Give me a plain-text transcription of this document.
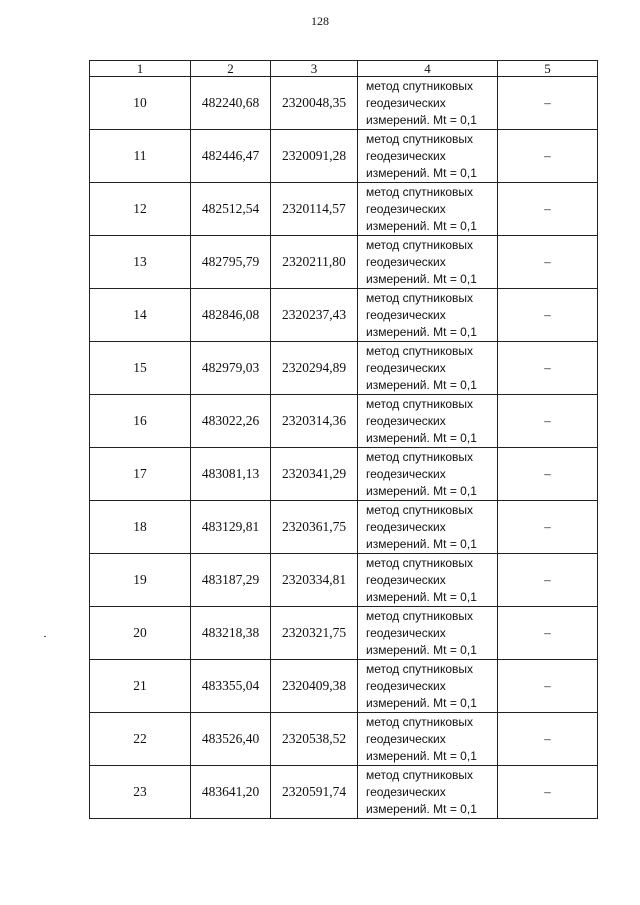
128
1	2	3	4	5
10	482240,68	2320048,35	метод спутниковых геодезических измерений. Mt = 0,1	–
11	482446,47	2320091,28	метод спутниковых геодезических измерений. Mt = 0,1	–
12	482512,54	2320114,57	метод спутниковых геодезических измерений. Mt = 0,1	–
13	482795,79	2320211,80	метод спутниковых геодезических измерений. Mt = 0,1	–
14	482846,08	2320237,43	метод спутниковых геодезических измерений. Mt = 0,1	–
15	482979,03	2320294,89	метод спутниковых геодезических измерений. Mt = 0,1	–
16	483022,26	2320314,36	метод спутниковых геодезических измерений. Mt = 0,1	–
17	483081,13	2320341,29	метод спутниковых геодезических измерений. Mt = 0,1	–
18	483129,81	2320361,75	метод спутниковых геодезических измерений. Mt = 0,1	–
19	483187,29	2320334,81	метод спутниковых геодезических измерений. Mt = 0,1	–
20	483218,38	2320321,75	метод спутниковых геодезических измерений. Mt = 0,1	–
21	483355,04	2320409,38	метод спутниковых геодезических измерений. Mt = 0,1	–
22	483526,40	2320538,52	метод спутниковых геодезических измерений. Mt = 0,1	–
23	483641,20	2320591,74	метод спутниковых геодезических измерений. Mt = 0,1	–
